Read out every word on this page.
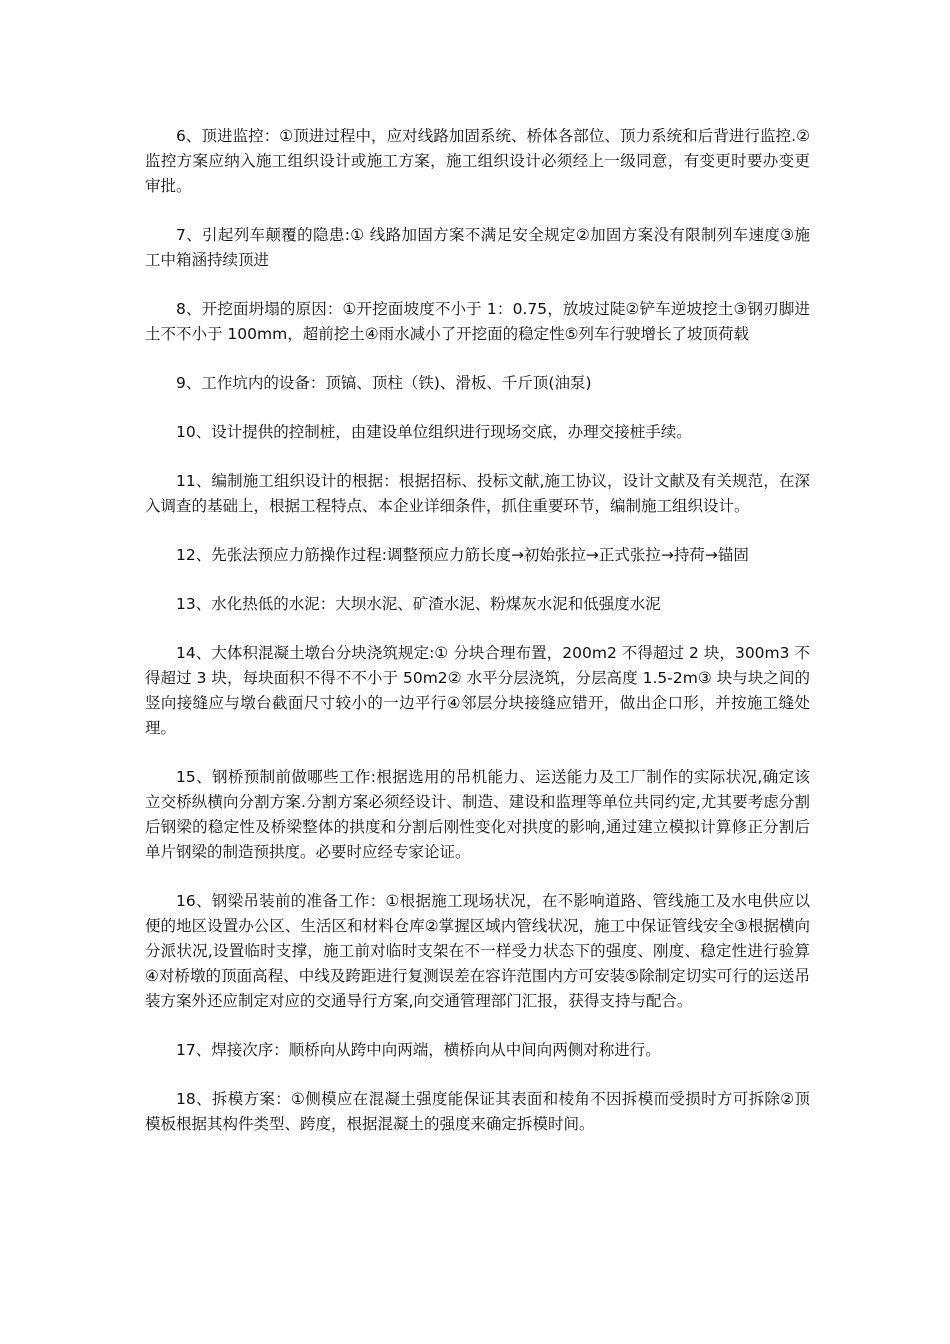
6、顶进监控：①顶进过程中，应对线路加固系统、桥体各部位、顶力系统和后背进行监控.② 监控方案应纳入施工组织设计或施工方案，施工组织设计必须经上一级同意，有变更时要办变更审批。

7、引起列车颠覆的隐患:① 线路加固方案不满足安全规定②加固方案没有限制列车速度③施工中箱涵持续顶进

8、开挖面坍塌的原因：①开挖面坡度不小于 1：0.75，放坡过陡②铲车逆坡挖土③钢刃脚进土不不小于 100mm，超前挖土④雨水减小了开挖面的稳定性⑤列车行驶增长了坡顶荷载

9、工作坑内的设备：顶镐、顶柱（铁)、滑板、千斤顶(油泵)

10、设计提供的控制桩，由建设单位组织进行现场交底，办理交接桩手续。

11、编制施工组织设计的根据：根据招标、投标文献,施工协议，设计文献及有关规范，在深入调查的基础上，根据工程特点、本企业详细条件，抓住重要环节，编制施工组织设计。

12、先张法预应力筋操作过程:调整预应力筋长度→初始张拉→正式张拉→持荷→锚固

13、水化热低的水泥：大坝水泥、矿渣水泥、粉煤灰水泥和低强度水泥

14、大体积混凝土墩台分块浇筑规定:① 分块合理布置，200m2 不得超过 2 块，300m3 不得超过 3 块，每块面积不得不不小于 50m2② 水平分层浇筑，分层高度 1.5-2m③ 块与块之间的竖向接缝应与墩台截面尺寸较小的一边平行④邻层分块接缝应错开，做出企口形，并按施工缝处理。

15、钢桥预制前做哪些工作:根据选用的吊机能力、运送能力及工厂制作的实际状况,确定该立交桥纵横向分割方案.分割方案必须经设计、制造、建设和监理等单位共同约定,尤其要考虑分割后钢梁的稳定性及桥梁整体的拱度和分割后刚性变化对拱度的影响,通过建立模拟计算修正分割后单片钢梁的制造预拱度。必要时应经专家论证。

16、钢梁吊装前的准备工作：①根据施工现场状况，在不影响道路、管线施工及水电供应以便的地区设置办公区、生活区和材料仓库②掌握区域内管线状况，施工中保证管线安全③根据横向分派状况,设置临时支撑，施工前对临时支架在不一样受力状态下的强度、刚度、稳定性进行验算④对桥墩的顶面高程、中线及跨距进行复测误差在容许范围内方可安装⑤除制定切实可行的运送吊装方案外还应制定对应的交通导行方案,向交通管理部门汇报，获得支持与配合。

17、焊接次序：顺桥向从跨中向两端，横桥向从中间向两侧对称进行。

18、拆模方案：①侧模应在混凝土强度能保证其表面和棱角不因拆模而受损时方可拆除②顶模板根据其构件类型、跨度，根据混凝土的强度来确定拆模时间。
